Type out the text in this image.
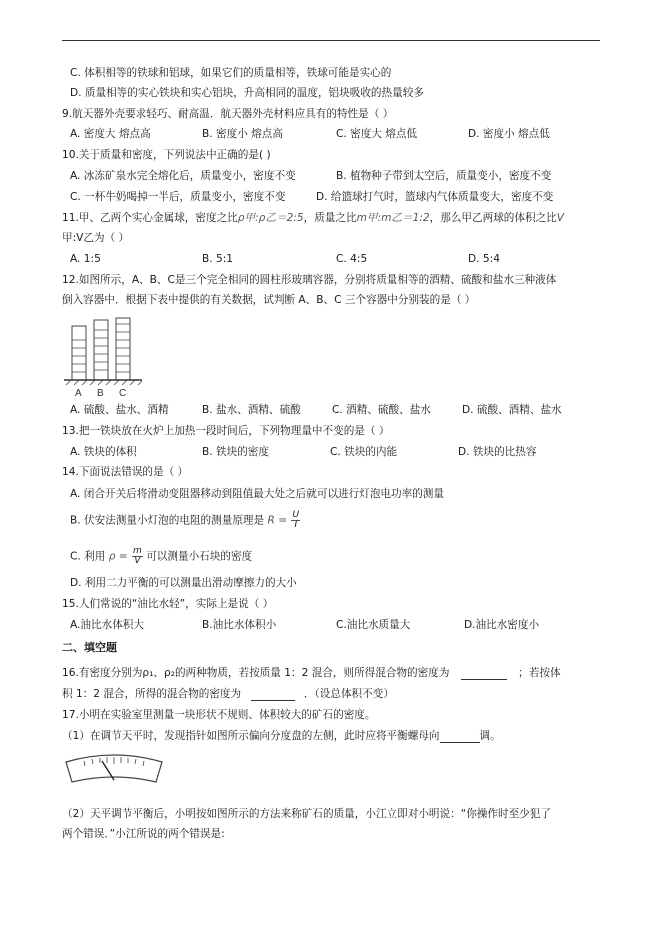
C. 体积相等的铁球和铝球，如果它们的质量相等，铁球可能是实心的
D. 质量相等的实心铁块和实心铝块，升高相同的温度，铝块吸收的热量较多
9.航天器外壳要求轻巧、耐高温．航天器外壳材料应具有的特性是（ ）
A. 密度大 熔点高	B. 密度小 熔点高	C. 密度大 熔点低	D. 密度小 熔点低
10.关于质量和密度，下列说法中正确的是( )
A. 冰冻矿泉水完全熔化后，质量变小，密度不变	B. 植物种子带到太空后，质量变小，密度不变
C. 一杯牛奶喝掉一半后，质量变小，密度不变	D. 给篮球打气时，篮球内气体质量变大，密度不变
11.甲、乙两个实心金属球，密度之比ρ甲:ρ乙＝2:5，质量之比m甲:m乙＝1:2，那么甲乙两球的体积之比V
甲:V乙为（ ）
A. 1:5	B. 5:1	C. 4:5	D. 5:4
12.如图所示，A、B、C是三个完全相同的圆柱形玻璃容器，分别将质量相等的酒精、硫酸和盐水三种液体
倒入容器中．根据下表中提供的有关数据，试判断 A、B、C 三个容器中分别装的是（ ）
A B C
A. 硫酸、盐水、酒精	B. 盐水、酒精、硫酸	C. 酒精、硫酸、盐水	D. 硫酸、酒精、盐水
13.把一铁块放在火炉上加热一段时间后，下列物理量中不变的是（ ）
A. 铁块的体积	B. 铁块的密度	C. 铁块的内能	D. 铁块的比热容
14.下面说法错误的是（ ）
A. 闭合开关后将滑动变阻器移动到阻值最大处之后就可以进行灯泡电功率的测量
B. 伏安法测量小灯泡的电阻的测量原理是 $R = \frac{U}{I}$
C. 利用 $\rho = \frac{m}{V}$ 可以测量小石块的密度
D. 利用二力平衡的可以测量出滑动摩擦力的大小
15.人们常说的“油比水轻”，实际上是说（ ）
A.油比水体积大	B.油比水体积小	C.油比水质量大	D.油比水密度小
二、填空题
16.有密度分别为ρ₁、ρ₂的两种物质，若按质量 1：2 混合，则所得混合物的密度为	；若按体
积 1：2 混合，所得的混合物的密度为	．（设总体积不变）
17.小明在实验室里测量一块形状不规则、体积较大的矿石的密度。
（1）在调节天平时，发现指针如图所示偏向分度盘的左侧，此时应将平衡螺母向	调。
（2）天平调节平衡后，小明按如图所示的方法来称矿石的质量，小江立即对小明说：“你操作时至少犯了
两个错误．”小江所说的两个错误是:
